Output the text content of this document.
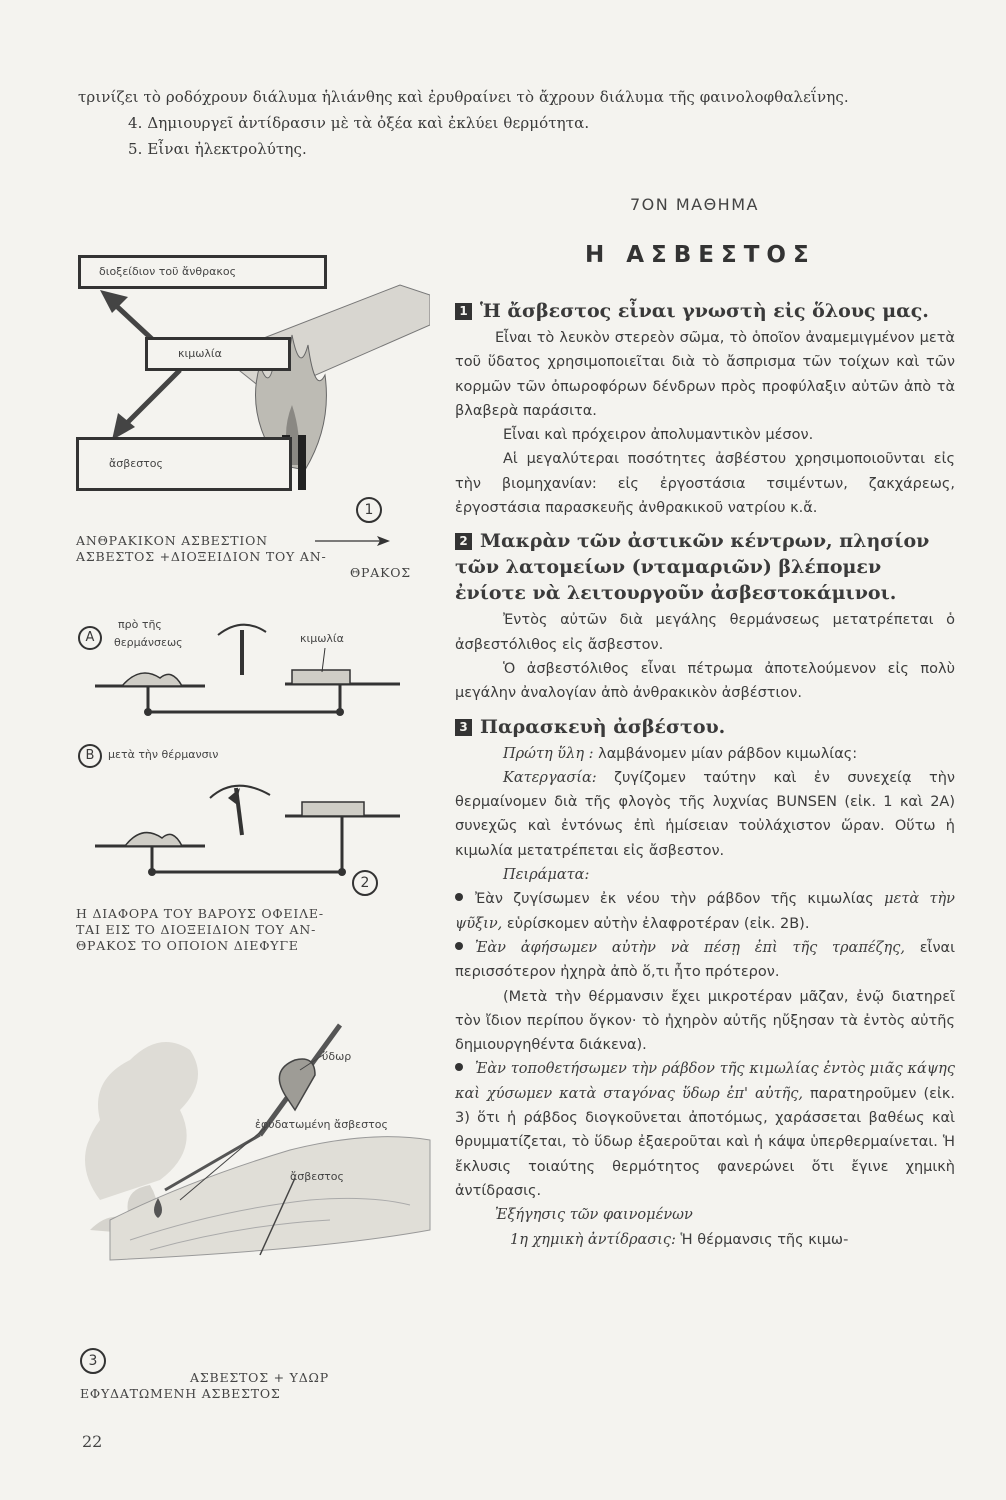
τρινίζει τὸ ροδόχρουν διάλυμα ἡλιάνθης καὶ ἐρυθραίνει τὸ ἄχρουν διάλυμα τῆς φαινολοφθαλεΐνης.
4. Δημιουργεῖ ἀντίδρασιν μὲ τὰ ὀξέα καὶ ἐκλύει θερμότητα.
5. Εἶναι ἠλεκτρολύτης.
7ΟΝ ΜΑΘΗΜΑ
Η ΑΣΒΕΣΤΟΣ
1 Ἡ ἄσβεστος εἶναι γνωστὴ εἰς ὅλους μας.

Εἶναι τὸ λευκὸν στερεὸν σῶμα, τὸ ὁποῖον ἀναμεμιγμένον μετὰ τοῦ ὕδατος χρησιμοποιεῖται διὰ τὸ ἄσπρισμα τῶν τοίχων καὶ τῶν κορμῶν τῶν ὀπωροφόρων δένδρων πρὸς προφύλαξιν αὐτῶν ἀπὸ τὰ βλαβερὰ παράσιτα.

Εἶναι καὶ πρόχειρον ἀπολυμαντικὸν μέσον.

Αἱ μεγαλύτεραι ποσότητες ἀσβέστου χρησιμοποιοῦνται εἰς τὴν βιομηχανίαν: εἰς ἐργοστάσια τσιμέντων, ζακχάρεως, ἐργοστάσια παρασκευῆς ἀνθρακικοῦ νατρίου κ.ἄ.

2 Μακρὰν τῶν ἀστικῶν κέντρων, πλησίον τῶν λατομείων (νταμαριῶν) βλέπομεν ἐνίοτε νὰ λειτουργοῦν ἀσβεστοκάμινοι.

Ἐντὸς αὐτῶν διὰ μεγάλης θερμάνσεως μετατρέπεται ὁ ἀσβεστόλιθος εἰς ἄσβεστον.

Ὁ ἀσβεστόλιθος εἶναι πέτρωμα ἀποτελούμενον εἰς πολὺ μεγάλην ἀναλογίαν ἀπὸ ἀνθρακικὸν ἀσβέστιον.

3 Παρασκευὴ ἀσβέστου.

Πρώτη ὕλη : λαμβάνομεν μίαν ράβδον κιμωλίας:

Κατεργασία: ζυγίζομεν ταύτην καὶ ἐν συνεχείᾳ τὴν θερμαίνομεν διὰ τῆς φλογὸς τῆς λυχνίας BUNSEN (εἰκ. 1 καὶ 2Α) συνεχῶς καὶ ἐντόνως ἐπὶ ἡμίσειαν τοὐλάχιστον ὥραν. Οὕτω ἡ κιμωλία μετατρέπεται εἰς ἄσβεστον.

Πειράματα:

Ἐὰν ζυγίσωμεν ἐκ νέου τὴν ράβδον τῆς κιμωλίας μετὰ τὴν ψῦξιν, εὑρίσκομεν αὐτὴν ἐλαφροτέραν (εἰκ. 2Β).

Ἐὰν ἀφήσωμεν αὐτὴν νὰ πέσῃ ἐπὶ τῆς τραπέζης, εἶναι περισσότερον ἠχηρὰ ἀπὸ ὅ,τι ἦτο πρότερον.

(Μετὰ τὴν θέρμανσιν ἔχει μικροτέραν μᾶζαν, ἐνῷ διατηρεῖ τὸν ἴδιον περίπου ὄγκον· τὸ ἠχηρὸν αὐτῆς ηὔξησαν τὰ ἐντὸς αὐτῆς δημιουργηθέντα διάκενα).

Ἐὰν τοποθετήσωμεν τὴν ράβδον τῆς κιμωλίας ἐντὸς μιᾶς κάψης καὶ χύσωμεν κατὰ σταγόνας ὕδωρ ἐπ' αὐτῆς, παρατηροῦμεν (εἰκ. 3) ὅτι ἡ ράβδος διογκοῦνεται ἀποτόμως, χαράσσεται βαθέως καὶ θρυμματίζεται, τὸ ὕδωρ ἐξαεροῦται καὶ ἡ κάψα ὑπερθερμαίνεται. Ἡ ἔκλυσις τοιαύτης θερμότητος φανερώνει ὅτι ἔγινε χημικὴ ἀντίδρασις.

Ἐξήγησις τῶν φαινομένων

1η χημικὴ ἀντίδρασις: Ἡ θέρμανσις τῆς κιμω-

διοξείδιον τοῦ ἄνθρακος
κιμωλία
ἄσβεστος
1
ΑΝΘΡΑΚΙΚΟΝ ΑΣΒΕΣΤΙΟΝ
ΑΣΒΕΣΤΟΣ +ΔΙΟΞΕΙΔΙΟΝ ΤΟΥ ΑΝ-
ΘΡΑΚΟΣ
A
πρὸ τῆς
θερμάνσεως	κιμωλία
B	μετὰ τὴν θέρμανσιν
2
Η ΔΙΑΦΟΡΑ ΤΟΥ ΒΑΡΟΥΣ ΟΦΕΙΛΕ-
ΤΑΙ ΕΙΣ ΤΟ ΔΙΟΞΕΙΔΙΟΝ ΤΟΥ ΑΝ-
ΘΡΑΚΟΣ ΤΟ ΟΠΟΙΟΝ ΔΙΕΦΥΓΕ
ὕδωρ
ἐφυδατωμένη ἄσβεστος
ἄσβεστος
3
ΑΣΒΕΣΤΟΣ + ΥΔΩΡ
ΕΦΥΔΑΤΩΜΕΝΗ ΑΣΒΕΣΤΟΣ
22
